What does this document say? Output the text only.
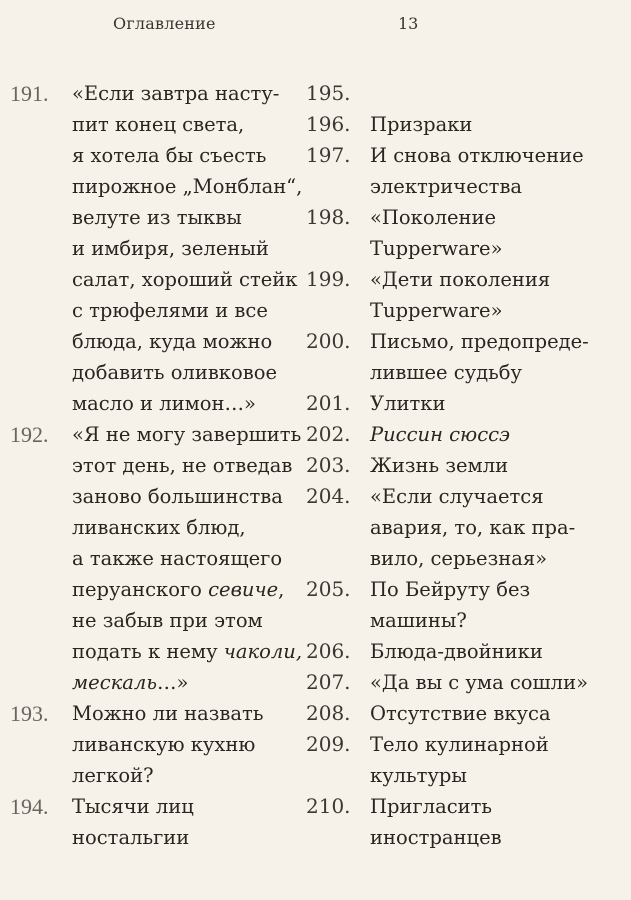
Оглавление	13
191. «Если завтра насту-
пит конец света,
я хотела бы съесть
пирожное „Монблан“,
велуте из тыквы
и имбиря, зеленый
салат, хороший стейк
с трюфелями и все
блюда, куда можно
добавить оливковое
масло и лимон…»
192. «Я не могу завершить
этот день, не отведав
заново большинства
ливанских блюд,
а также настоящего
перуанского севиче,
не забыв при этом
подать к нему чаколи,
мескаль…»
193. Можно ли назвать
ливанскую кухню
легкой?
194. Тысячи лиц
ностальгии
195.
196. Призраки
197. И снова отключение
электричества
198. «Поколение
Tupperware»
199. «Дети поколения
Tupperware»
200. Письмо, предопреде-
лившее судьбу
201. Улитки
202. Риссин сюссэ
203. Жизнь земли
204. «Если случается
авария, то, как пра-
вило, серьезная»
205. По Бейруту без
машины?
206. Блюда-двойники
207. «Да вы с ума сошли»
208. Отсутствие вкуса
209. Тело кулинарной
культуры
210. Пригласить
иностранцев
